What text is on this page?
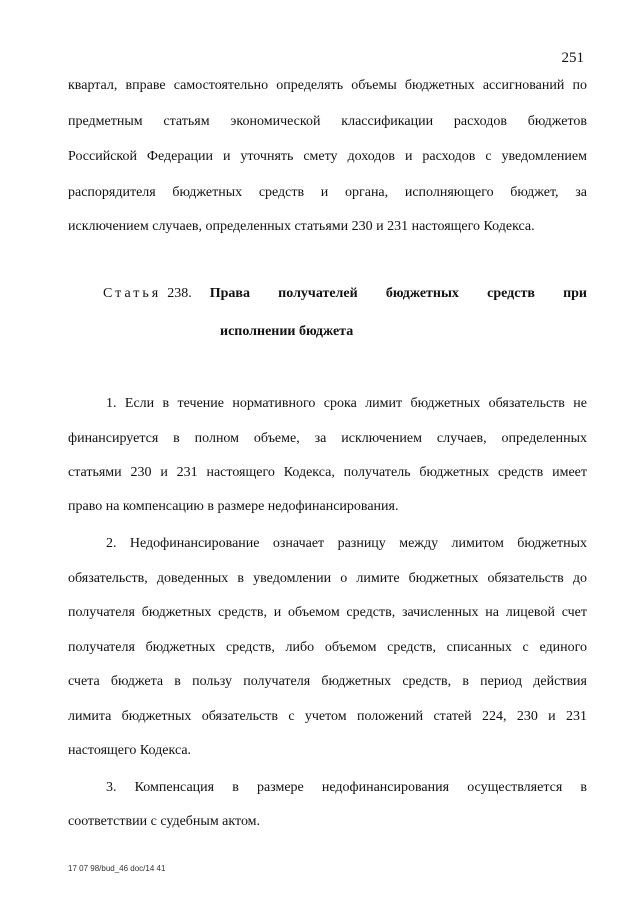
251
квартал, вправе самостоятельно определять объемы бюджетных ассигнований по
предметным статьям экономической классификации расходов бюджетов
Российской Федерации и уточнять смету доходов и расходов с уведомлением
распорядителя бюджетных средств и органа, исполняющего бюджет, за
исключением случаев, определенных статьями 230 и 231 настоящего Кодекса.
Статья 238. Права получателей бюджетных средств при
исполнении бюджета
1. Если в течение нормативного срока лимит бюджетных обязательств не
финансируется в полном объеме, за исключением случаев, определенных
статьями 230 и 231 настоящего Кодекса, получатель бюджетных средств имеет
право на компенсацию в размере недофинансирования.
2. Недофинансирование означает разницу между лимитом бюджетных
обязательств, доведенных в уведомлении о лимите бюджетных обязательств до
получателя бюджетных средств, и объемом средств, зачисленных на лицевой счет
получателя бюджетных средств, либо объемом средств, списанных с единого
счета бюджета в пользу получателя бюджетных средств, в период действия
лимита бюджетных обязательств с учетом положений статей 224, 230 и 231
настоящего Кодекса.
3. Компенсация в размере недофинансирования осуществляется в
соответствии с судебным актом.
17 07 98/bud_46 doc/14 41
